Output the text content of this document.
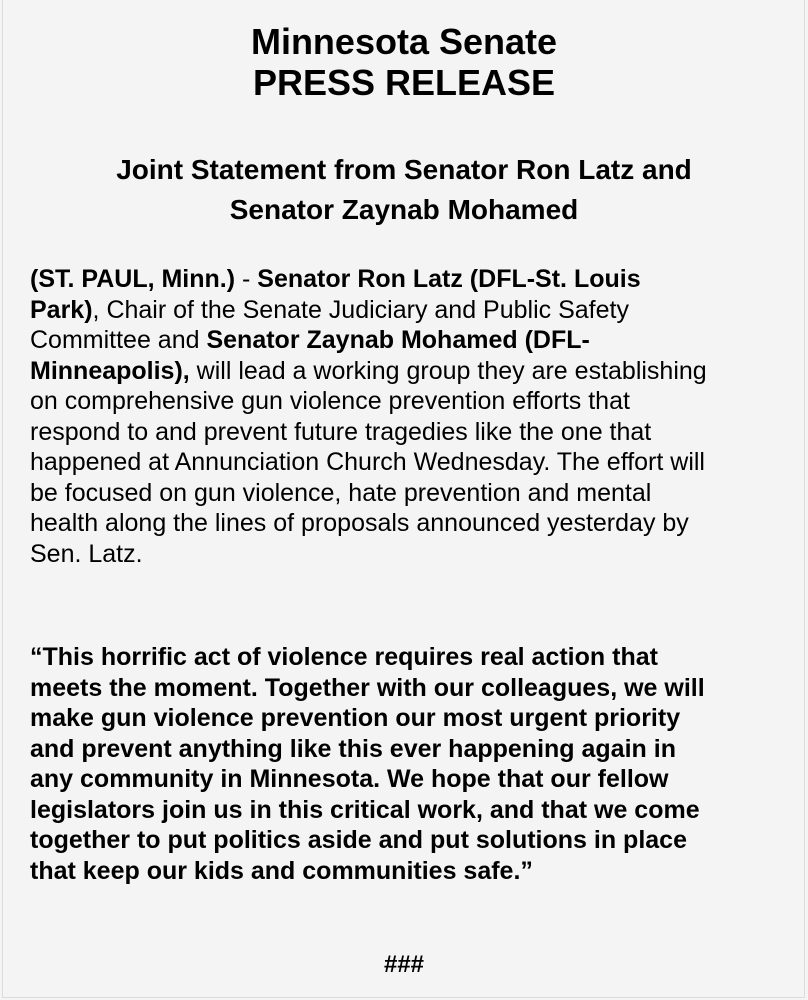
Minnesota Senate
PRESS RELEASE
Joint Statement from Senator Ron Latz and
Senator Zaynab Mohamed
(ST. PAUL, Minn.) - Senator Ron Latz (DFL-St. Louis
Park), Chair of the Senate Judiciary and Public Safety
Committee and Senator Zaynab Mohamed (DFL-
Minneapolis), will lead a working group they are establishing
on comprehensive gun violence prevention efforts that
respond to and prevent future tragedies like the one that
happened at Annunciation Church Wednesday. The effort will
be focused on gun violence, hate prevention and mental
health along the lines of proposals announced yesterday by
Sen. Latz.
“This horrific act of violence requires real action that
meets the moment. Together with our colleagues, we will
make gun violence prevention our most urgent priority
and prevent anything like this ever happening again in
any community in Minnesota. We hope that our fellow
legislators join us in this critical work, and that we come
together to put politics aside and put solutions in place
that keep our kids and communities safe.”
###
